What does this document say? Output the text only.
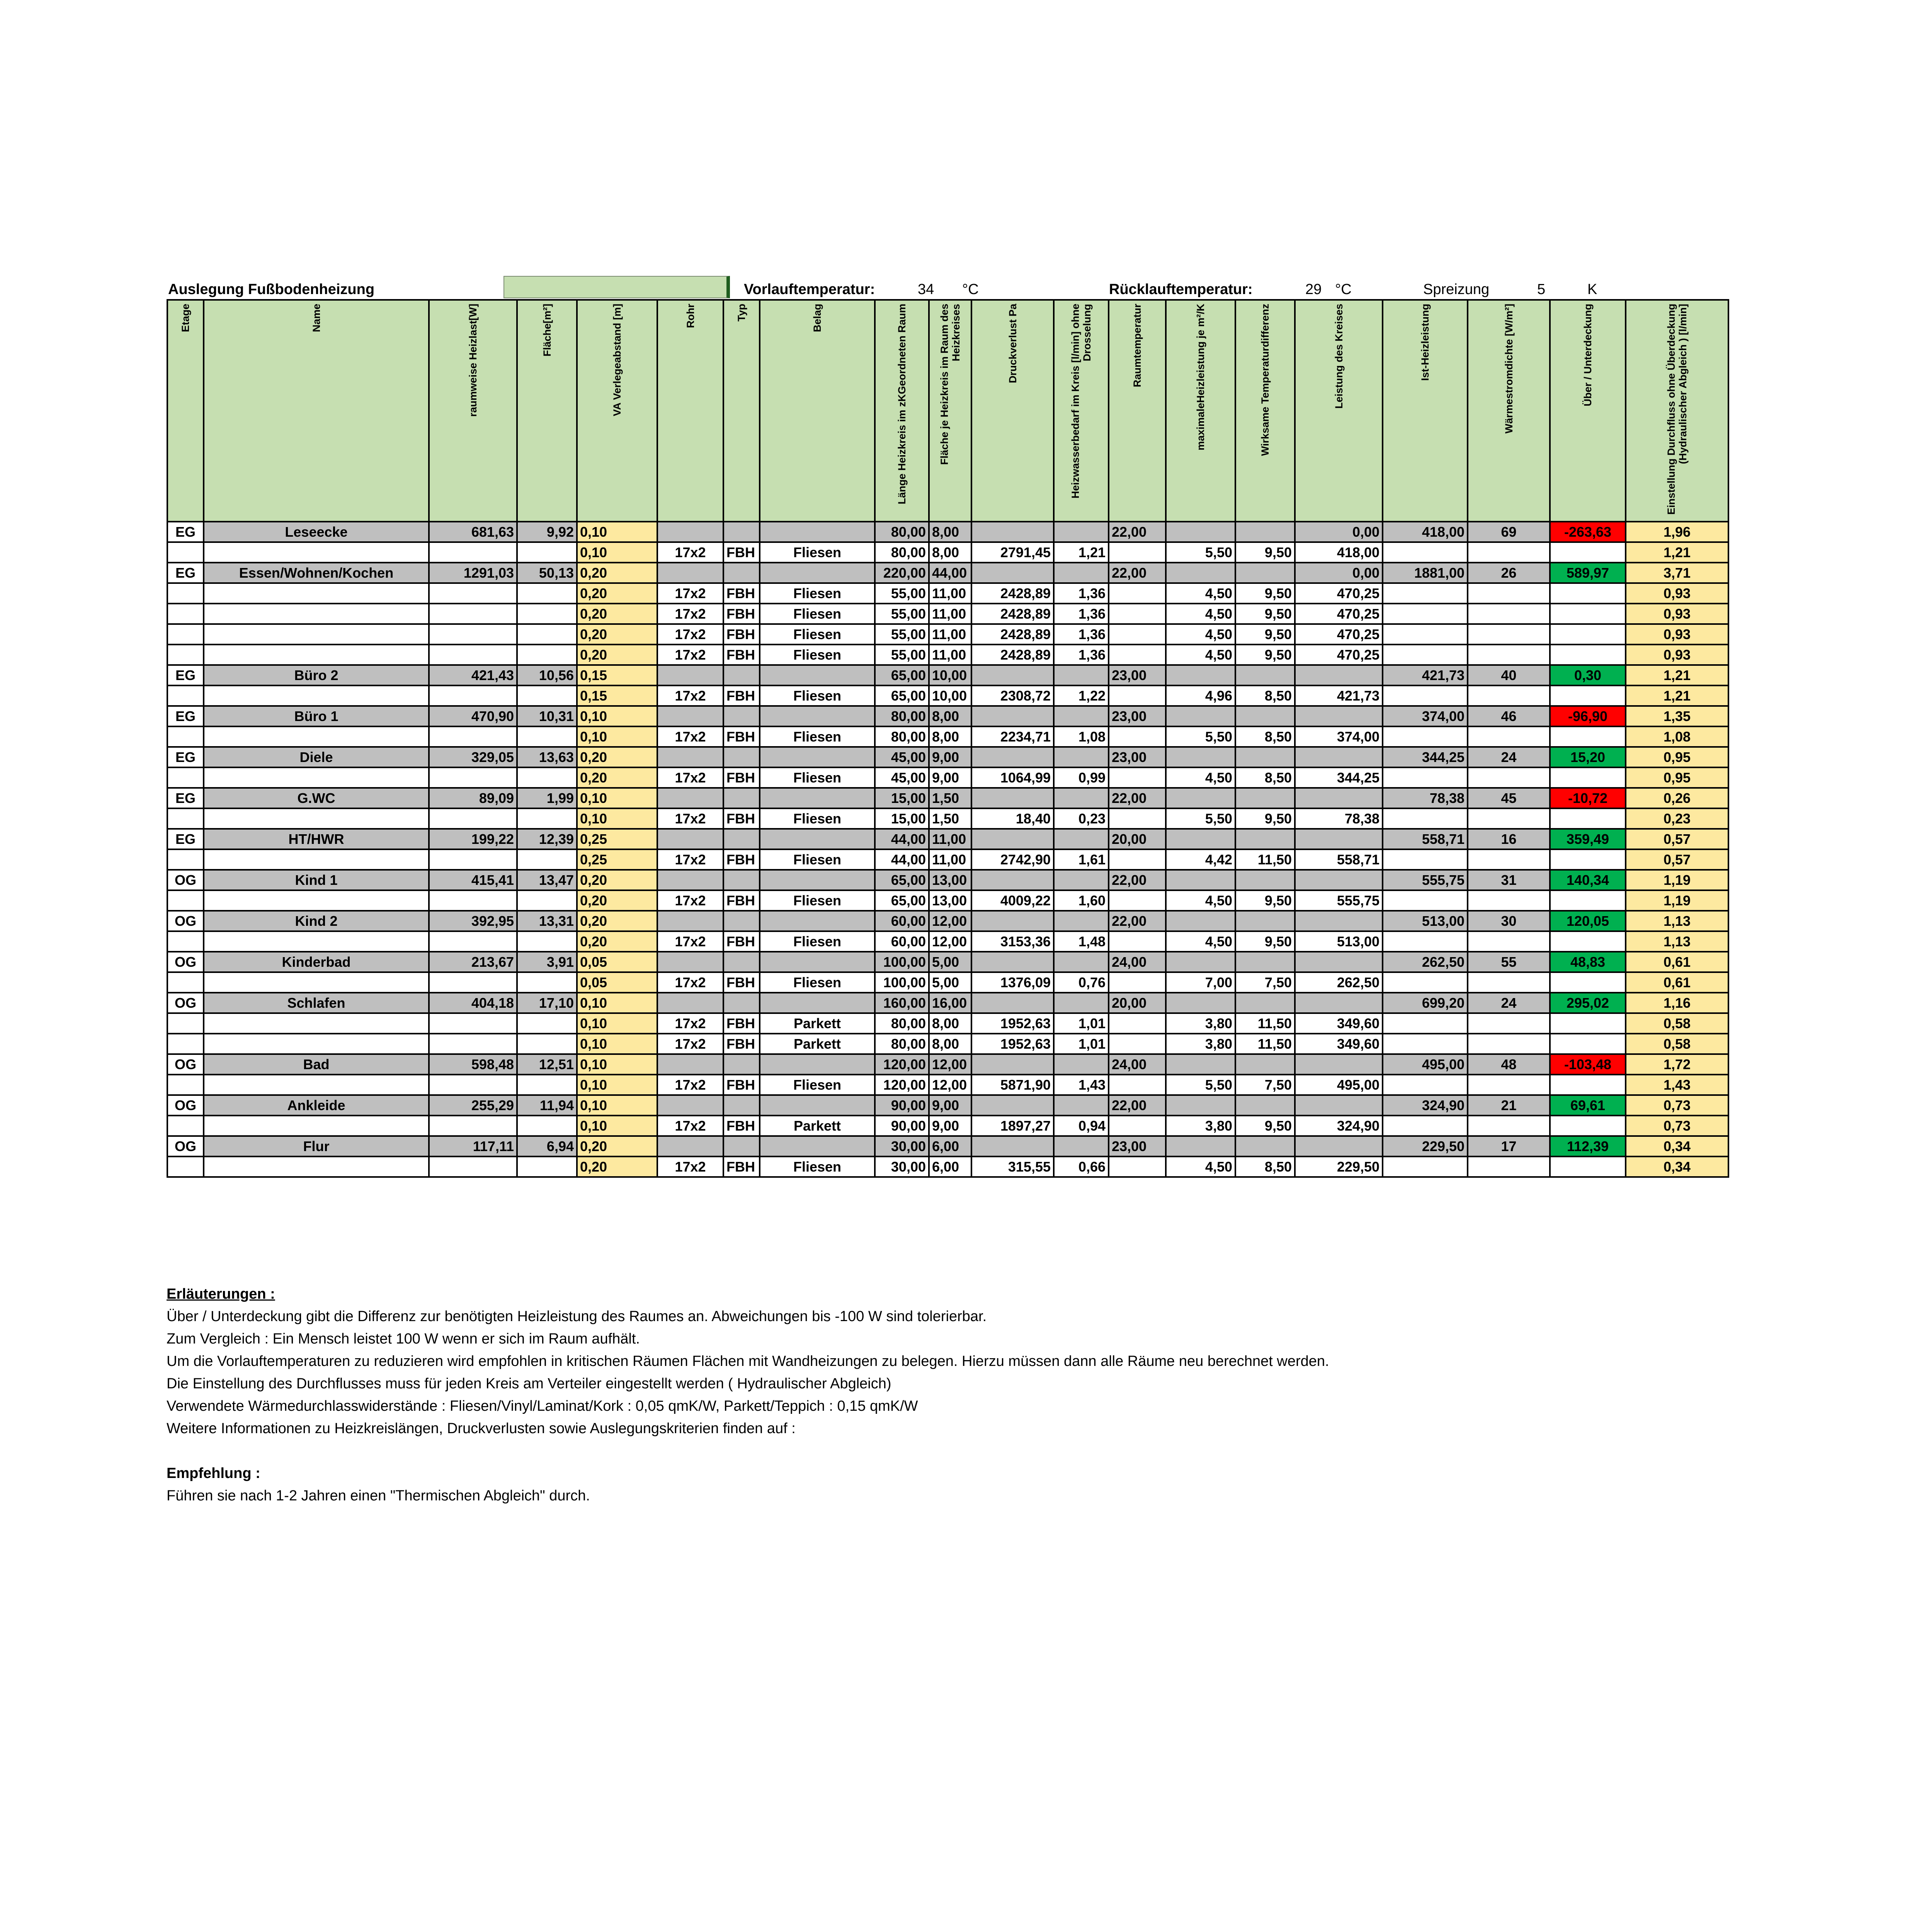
Auslegung Fußbodenheizung	Vorlauftemperatur:	34 °C	Rücklauftemperatur:	29 °C	Spreizung	5	K
Etage	Name	raumweise Heizlast[W]	Fläche[m²]	VA Verlegeabstand [m]	Rohr	Typ	Belag	Länge Heizkreis im zKGeordneten Raum	Fläche je Heizkreis im Raum des Heizkreises	Druckverlust Pa	Heizwasserbedarf im Kreis [l/min] ohne Drosselung	Raumtemperatur	maximaleHeizleistung je m²/K	Wirksame Temperaturdifferenz	Leistung des Kreises	Ist-Heizleistung	Wärmestromdichte [W/m²]	Über / Unterdeckung	Einstellung Durchfluss ohne Überdeckung (Hydraulischer Abgleich ) [l/min]

EG	Leseecke	681,63	9,92	0,10				80,00	8,00			22,00			0,00	418,00	69	-263,63	1,96
				0,10	17x2	FBH	Fliesen	80,00	8,00	2791,45	1,21		5,50	9,50	418,00				1,21
EG	Essen/Wohnen/Kochen	1291,03	50,13	0,20				220,00	44,00			22,00			0,00	1881,00	26	589,97	3,71
				0,20	17x2	FBH	Fliesen	55,00	11,00	2428,89	1,36		4,50	9,50	470,25				0,93
				0,20	17x2	FBH	Fliesen	55,00	11,00	2428,89	1,36		4,50	9,50	470,25				0,93
				0,20	17x2	FBH	Fliesen	55,00	11,00	2428,89	1,36		4,50	9,50	470,25				0,93
				0,20	17x2	FBH	Fliesen	55,00	11,00	2428,89	1,36		4,50	9,50	470,25				0,93
EG	Büro 2	421,43	10,56	0,15				65,00	10,00			23,00				421,73	40	0,30	1,21
				0,15	17x2	FBH	Fliesen	65,00	10,00	2308,72	1,22		4,96	8,50	421,73				1,21
EG	Büro 1	470,90	10,31	0,10				80,00	8,00			23,00				374,00	46	-96,90	1,35
				0,10	17x2	FBH	Fliesen	80,00	8,00	2234,71	1,08		5,50	8,50	374,00				1,08
EG	Diele	329,05	13,63	0,20				45,00	9,00			23,00				344,25	24	15,20	0,95
				0,20	17x2	FBH	Fliesen	45,00	9,00	1064,99	0,99		4,50	8,50	344,25				0,95
EG	G.WC	89,09	1,99	0,10				15,00	1,50			22,00				78,38	45	-10,72	0,26
				0,10	17x2	FBH	Fliesen	15,00	1,50	18,40	0,23		5,50	9,50	78,38				0,23
EG	HT/HWR	199,22	12,39	0,25				44,00	11,00			20,00				558,71	16	359,49	0,57
				0,25	17x2	FBH	Fliesen	44,00	11,00	2742,90	1,61		4,42	11,50	558,71				0,57
OG	Kind 1	415,41	13,47	0,20				65,00	13,00			22,00				555,75	31	140,34	1,19
				0,20	17x2	FBH	Fliesen	65,00	13,00	4009,22	1,60		4,50	9,50	555,75				1,19
OG	Kind 2	392,95	13,31	0,20				60,00	12,00			22,00				513,00	30	120,05	1,13
				0,20	17x2	FBH	Fliesen	60,00	12,00	3153,36	1,48		4,50	9,50	513,00				1,13
OG	Kinderbad	213,67	3,91	0,05				100,00	5,00			24,00				262,50	55	48,83	0,61
				0,05	17x2	FBH	Fliesen	100,00	5,00	1376,09	0,76		7,00	7,50	262,50				0,61
OG	Schlafen	404,18	17,10	0,10				160,00	16,00			20,00				699,20	24	295,02	1,16
				0,10	17x2	FBH	Parkett	80,00	8,00	1952,63	1,01		3,80	11,50	349,60				0,58
				0,10	17x2	FBH	Parkett	80,00	8,00	1952,63	1,01		3,80	11,50	349,60				0,58
OG	Bad	598,48	12,51	0,10				120,00	12,00			24,00				495,00	48	-103,48	1,72
				0,10	17x2	FBH	Fliesen	120,00	12,00	5871,90	1,43		5,50	7,50	495,00				1,43
OG	Ankleide	255,29	11,94	0,10				90,00	9,00			22,00				324,90	21	69,61	0,73
				0,10	17x2	FBH	Parkett	90,00	9,00	1897,27	0,94		3,80	9,50	324,90				0,73
OG	Flur	117,11	6,94	0,20				30,00	6,00			23,00				229,50	17	112,39	0,34
				0,20	17x2	FBH	Fliesen	30,00	6,00	315,55	0,66		4,50	8,50	229,50				0,34
Erläuterungen :
Über / Unterdeckung gibt die Differenz zur benötigten Heizleistung des Raumes an. Abweichungen bis -100 W sind tolerierbar.
Zum Vergleich : Ein Mensch leistet 100 W wenn er sich im Raum aufhält.
Um die Vorlauftemperaturen zu reduzieren wird empfohlen in kritischen Räumen Flächen mit Wandheizungen zu belegen. Hierzu müssen dann alle Räume neu berechnet werden.
Die Einstellung des Durchflusses muss für jeden Kreis am Verteiler eingestellt werden ( Hydraulischer Abgleich)
Verwendete Wärmedurchlasswiderstände : Fliesen/Vinyl/Laminat/Kork : 0,05 qmK/W, Parkett/Teppich : 0,15 qmK/W
Weitere Informationen zu Heizkreislängen, Druckverlusten sowie Auslegungskriterien finden auf :
Empfehlung :
Führen sie nach 1-2 Jahren einen "Thermischen Abgleich" durch.
